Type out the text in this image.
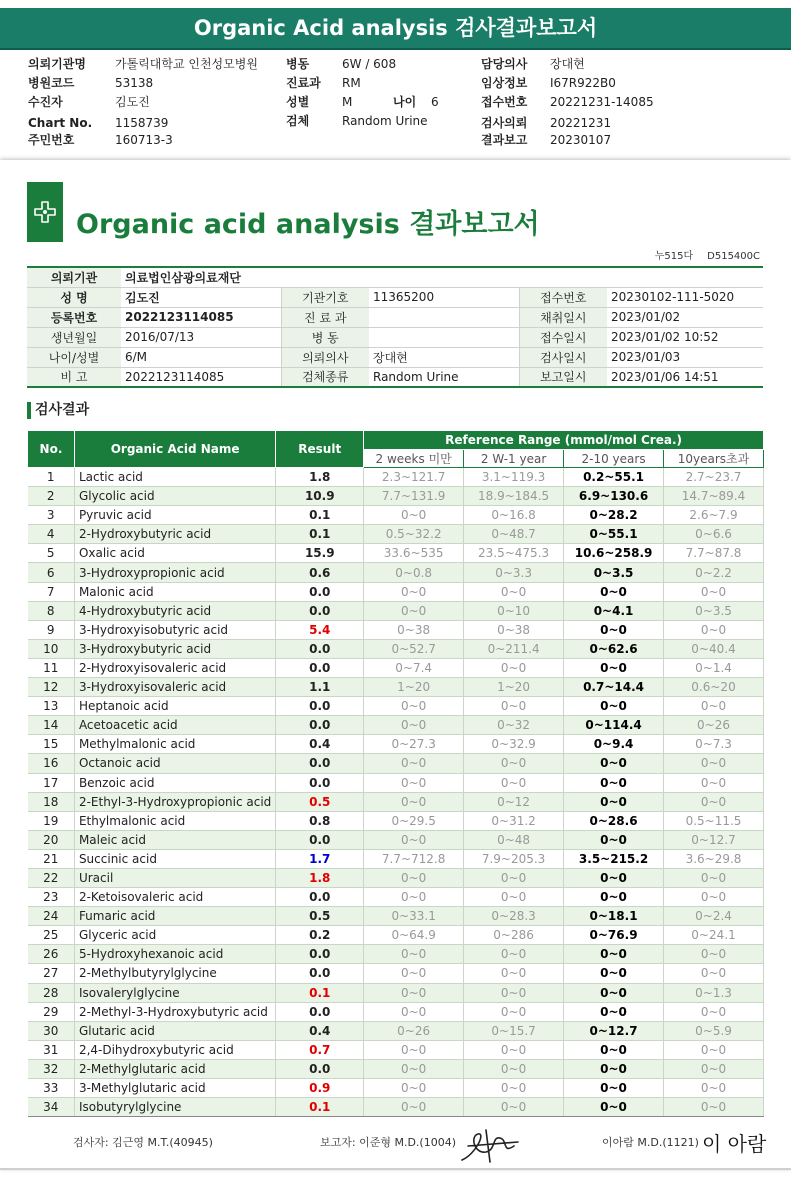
Organic Acid analysis 검사결과보고서
의뢰기관명 가톨릭대학교 인천성모병원
병원코드	53138
수진자	김도진
Chart No. 1158739
주민번호	160713-3
병동	6W / 608
진료과 RM
성별	M	나이 6
검체	Random Urine
담당의사 장대현
임상정보 I67R922B0
접수번호 20221231-14085
검사의뢰 20221231
결과보고 20230107
Organic acid analysis 결과보고서
누515다 D515400C
의뢰기관	의료법인삼광의료재단				
성 명	김도진	기관기호	11365200	접수번호	20230102-111-5020
등록번호	2022123114085	진 료 과		채취일시	2023/01/02
생년월일	2016/07/13	병 동		접수일시	2023/01/02 10:52
나이/성별	6/M	의뢰의사	장대현	검사일시	2023/01/03
비 고	2022123114085	검체종류	Random Urine	보고일시	2023/01/06 14:51
검사결과
No.	Organic Acid Name	Result	Reference Range (mmol/mol Crea.)			
			2 weeks 미만	2 W-1 year	2-10 years	10years초과
1	Lactic acid	1.8	2.3~121.7	3.1~119.3	0.2~55.1	2.7~23.7
2	Glycolic acid	10.9	7.7~131.9	18.9~184.5	6.9~130.6	14.7~89.4
3	Pyruvic acid	0.1	0~0	0~16.8	0~28.2	2.6~7.9
4	2-Hydroxybutyric acid	0.1	0.5~32.2	0~48.7	0~55.1	0~6.6
5	Oxalic acid	15.9	33.6~535	23.5~475.3	10.6~258.9	7.7~87.8
6	3-Hydroxypropionic acid	0.6	0~0.8	0~3.3	0~3.5	0~2.2
7	Malonic acid	0.0	0~0	0~0	0~0	0~0
8	4-Hydroxybutyric acid	0.0	0~0	0~10	0~4.1	0~3.5
9	3-Hydroxyisobutyric acid	5.4	0~38	0~38	0~0	0~0
10	3-Hydroxybutyric acid	0.0	0~52.7	0~211.4	0~62.6	0~40.4
11	2-Hydroxyisovaleric acid	0.0	0~7.4	0~0	0~0	0~1.4
12	3-Hydroxyisovaleric acid	1.1	1~20	1~20	0.7~14.4	0.6~20
13	Heptanoic acid	0.0	0~0	0~0	0~0	0~0
14	Acetoacetic acid	0.0	0~0	0~32	0~114.4	0~26
15	Methylmalonic acid	0.4	0~27.3	0~32.9	0~9.4	0~7.3
16	Octanoic acid	0.0	0~0	0~0	0~0	0~0
17	Benzoic acid	0.0	0~0	0~0	0~0	0~0
18	2-Ethyl-3-Hydroxypropionic acid	0.5	0~0	0~12	0~0	0~0
19	Ethylmalonic acid	0.8	0~29.5	0~31.2	0~28.6	0.5~11.5
20	Maleic acid	0.0	0~0	0~48	0~0	0~12.7
21	Succinic acid	1.7	7.7~712.8	7.9~205.3	3.5~215.2	3.6~29.8
22	Uracil	1.8	0~0	0~0	0~0	0~0
23	2-Ketoisovaleric acid	0.0	0~0	0~0	0~0	0~0
24	Fumaric acid	0.5	0~33.1	0~28.3	0~18.1	0~2.4
25	Glyceric acid	0.2	0~64.9	0~286	0~76.9	0~24.1
26	5-Hydroxyhexanoic acid	0.0	0~0	0~0	0~0	0~0
27	2-Methylbutyrylglycine	0.0	0~0	0~0	0~0	0~0
28	Isovalerylglycine	0.1	0~0	0~0	0~0	0~1.3
29	2-Methyl-3-Hydroxybutyric acid	0.0	0~0	0~0	0~0	0~0
30	Glutaric acid	0.4	0~26	0~15.7	0~12.7	0~5.9
31	2,4-Dihydroxybutyric acid	0.7	0~0	0~0	0~0	0~0
32	2-Methylglutaric acid	0.0	0~0	0~0	0~0	0~0
33	3-Methylglutaric acid	0.9	0~0	0~0	0~0	0~0
34	Isobutyrylglycine	0.1	0~0	0~0	0~0	0~0
검사자: 김근영 M.T.(40945)	보고자: 이준형 M.D.(1004)	이아람 M.D.(1121) 이 아람
